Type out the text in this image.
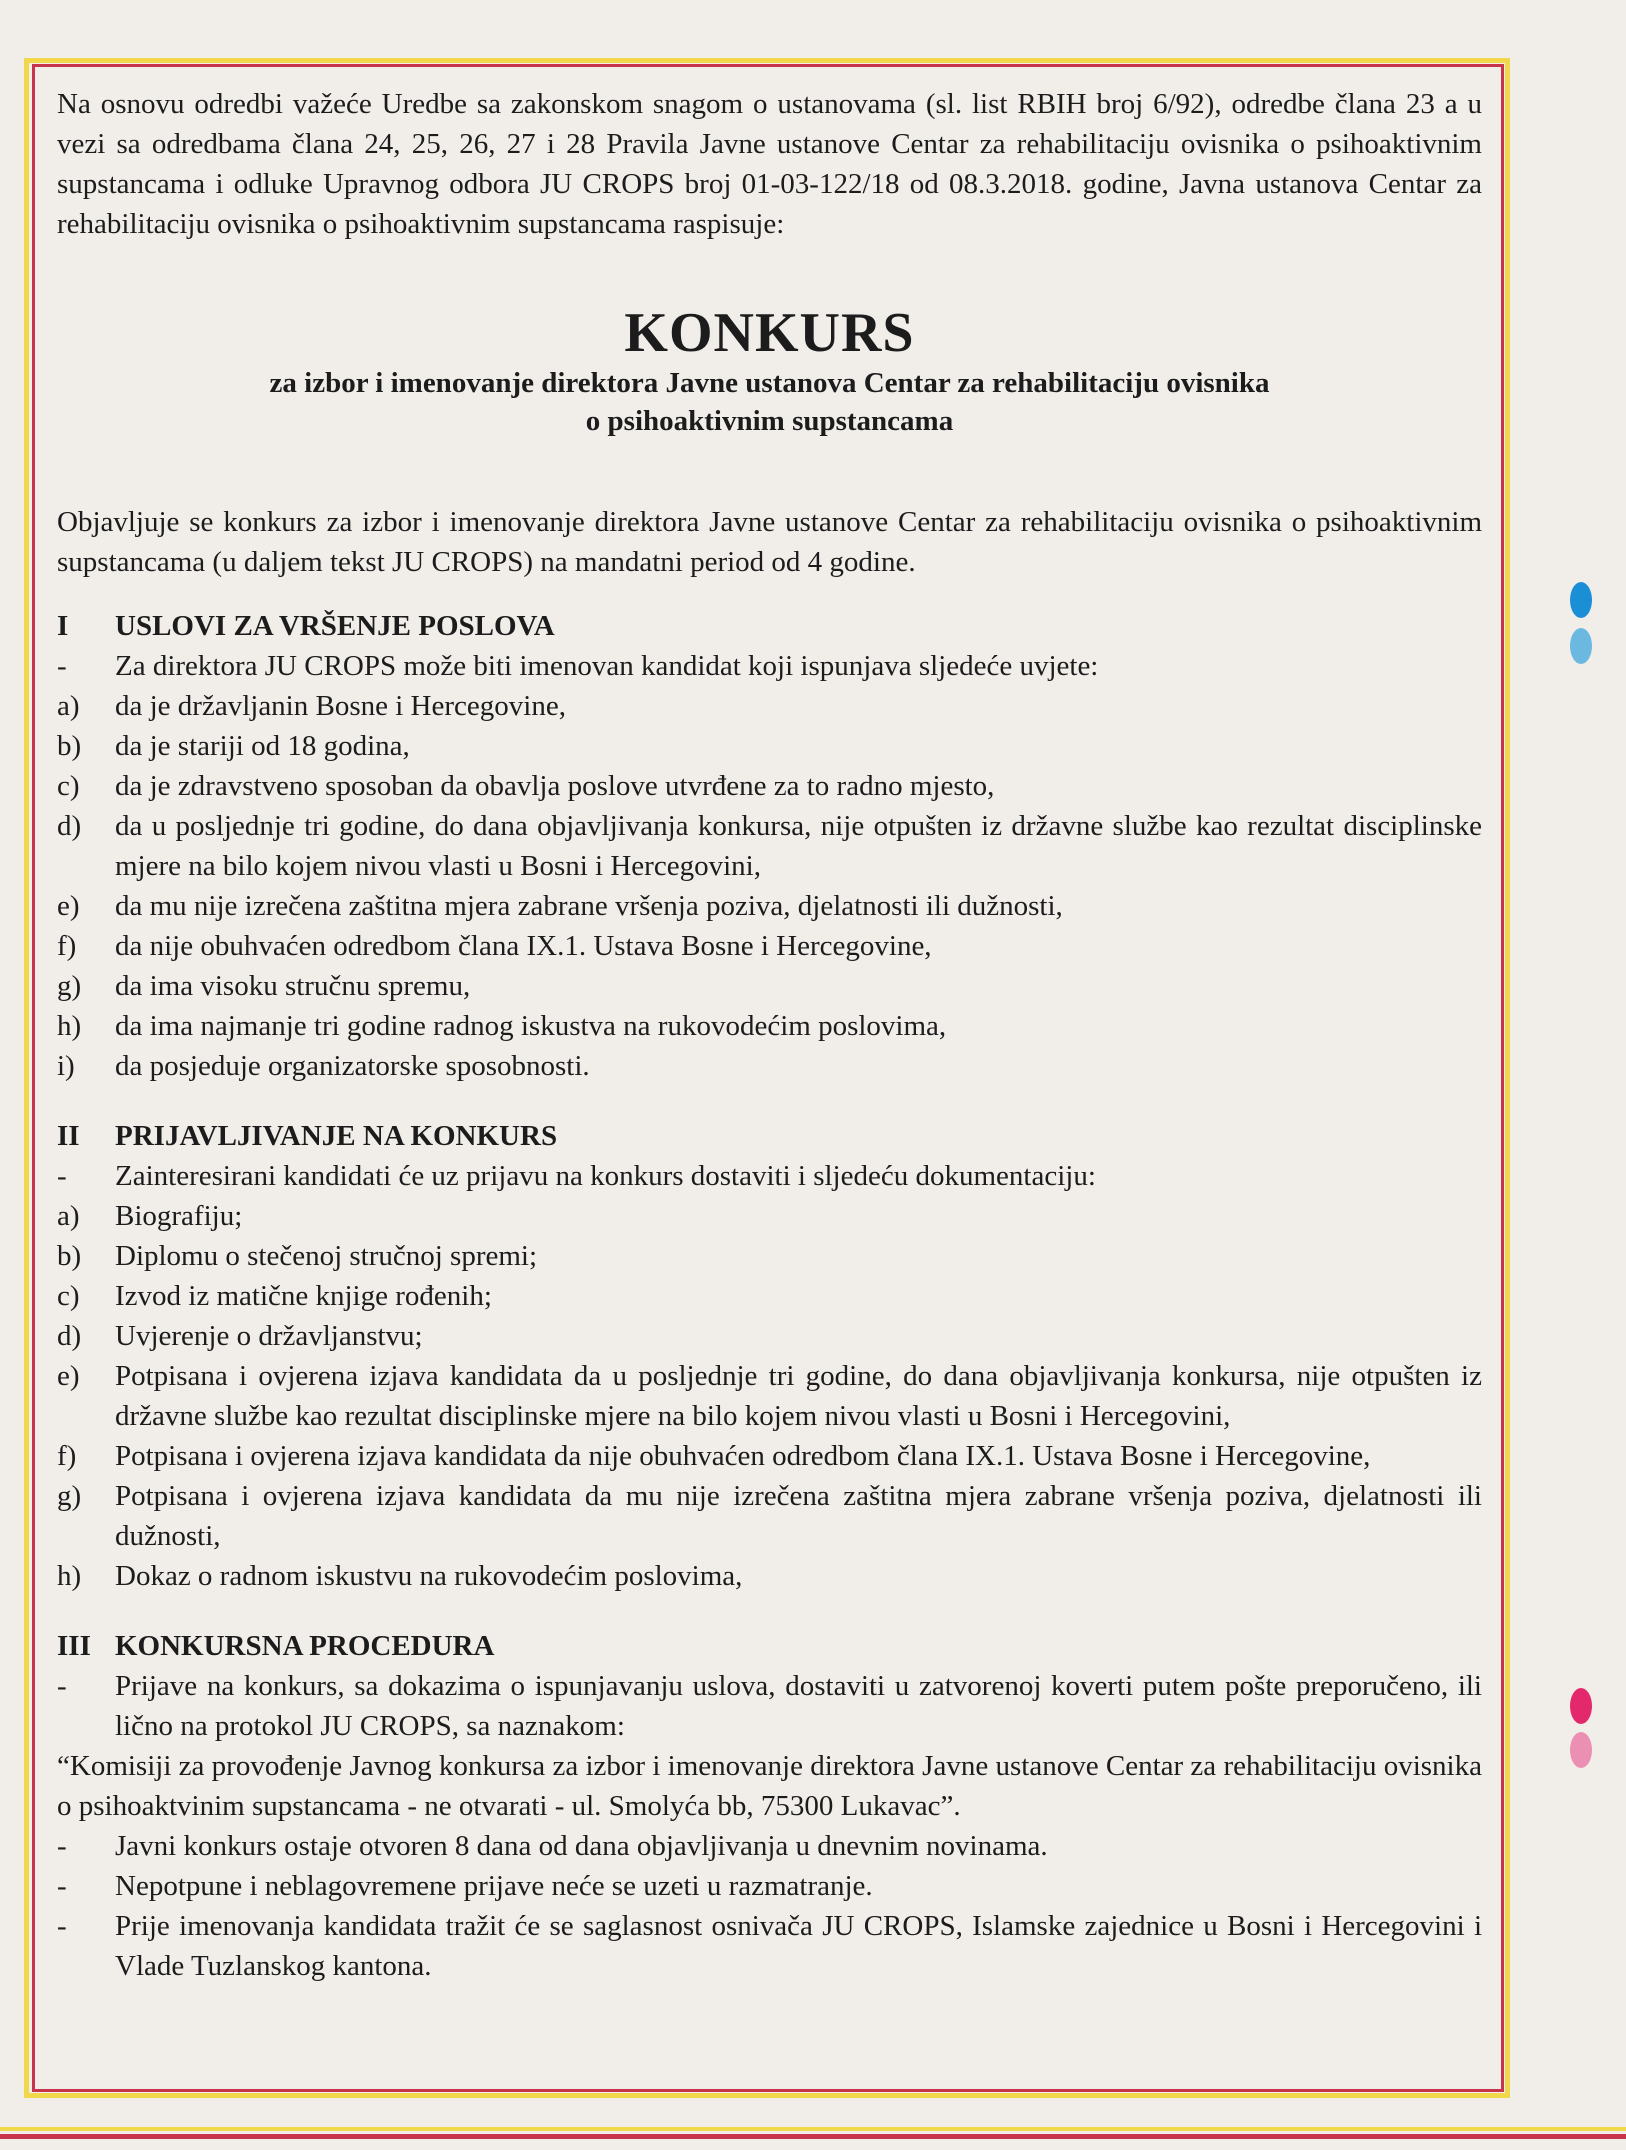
Na osnovu odredbi važeće Uredbe sa zakonskom snagom o ustanovama (sl. list RBIH broj 6/92), odredbe člana 23 a u vezi sa odredbama člana 24, 25, 26, 27 i 28 Pravila Javne ustanove Centar za rehabilitaciju ovisnika o psihoaktivnim supstancama i odluke Upravnog odbora JU CROPS broj 01-03-122/18 od 08.3.2018. godine, Javna ustanova Centar za rehabilitaciju ovisnika o psihoaktivnim supstancama raspisuje:

KONKURS

za izbor i imenovanje direktora Javne ustanova Centar za rehabilitaciju ovisnika
o psihoaktivnim supstancama

Objavljuje se konkurs za izbor i imenovanje direktora Javne ustanove Centar za rehabilitaciju ovisnika o psihoaktivnim supstancama (u daljem tekst JU CROPS) na mandatni period od 4 godine.

I	USLOVI ZA VRŠENJE POSLOVA
-	Za direktora JU CROPS može biti imenovan kandidat koji ispunjava sljedeće uvjete:
a)	da je državljanin Bosne i Hercegovine,
b)	da je stariji od 18 godina,
c)	da je zdravstveno sposoban da obavlja poslove utvrđene za to radno mjesto,
d)	da u posljednje tri godine, do dana objavljivanja konkursa, nije otpušten iz državne službe kao rezultat disciplinske mjere na bilo kojem nivou vlasti u Bosni i Hercegovini,
e)	da mu nije izrečena zaštitna mjera zabrane vršenja poziva, djelatnosti ili dužnosti,
f)	da nije obuhvaćen odredbom člana IX.1. Ustava Bosne i Hercegovine,
g)	da ima visoku stručnu spremu,
h)	da ima najmanje tri godine radnog iskustva na rukovodećim poslovima,
i)	da posjeduje organizatorske sposobnosti.
II	PRIJAVLJIVANJE NA KONKURS
-	Zainteresirani kandidati će uz prijavu na konkurs dostaviti i sljedeću dokumentaciju:
a)	Biografiju;
b)	Diplomu o stečenoj stručnoj spremi;
c)	Izvod iz matične knjige rođenih;
d)	Uvjerenje o državljanstvu;
e)	Potpisana i ovjerena izjava kandidata da u posljednje tri godine, do dana objavljivanja konkursa, nije otpušten iz državne službe kao rezultat disciplinske mjere na bilo kojem nivou vlasti u Bosni i Hercegovini,
f)	Potpisana i ovjerena izjava kandidata da nije obuhvaćen odredbom člana IX.1. Ustava Bosne i Hercegovine,
g)	Potpisana i ovjerena izjava kandidata da mu nije izrečena zaštitna mjera zabrane vršenja poziva, djelatnosti ili dužnosti,
h)	Dokaz o radnom iskustvu na rukovodećim poslovima,
III KONKURSNA PROCEDURA
-	Prijave na konkurs, sa dokazima o ispunjavanju uslova, dostaviti u zatvorenoj koverti putem pošte preporučeno, ili lično na protokol JU CROPS, sa naznakom:
“Komisiji za provođenje Javnog konkursa za izbor i imenovanje direktora Javne ustanove Centar za rehabilitaciju ovisnika o psihoaktvinim supstancama - ne otvarati - ul. Smolуća bb, 75300 Lukavac”.
-	Javni konkurs ostaje otvoren 8 dana od dana objavljivanja u dnevnim novinama.
-	Nepotpune i neblagovremene prijave neće se uzeti u razmatranje.
-	Prije imenovanja kandidata tražit će se saglasnost osnivača JU CROPS, Islamske zajednice u Bosni i Hercegovini i Vlade Tuzlanskog kantona.
